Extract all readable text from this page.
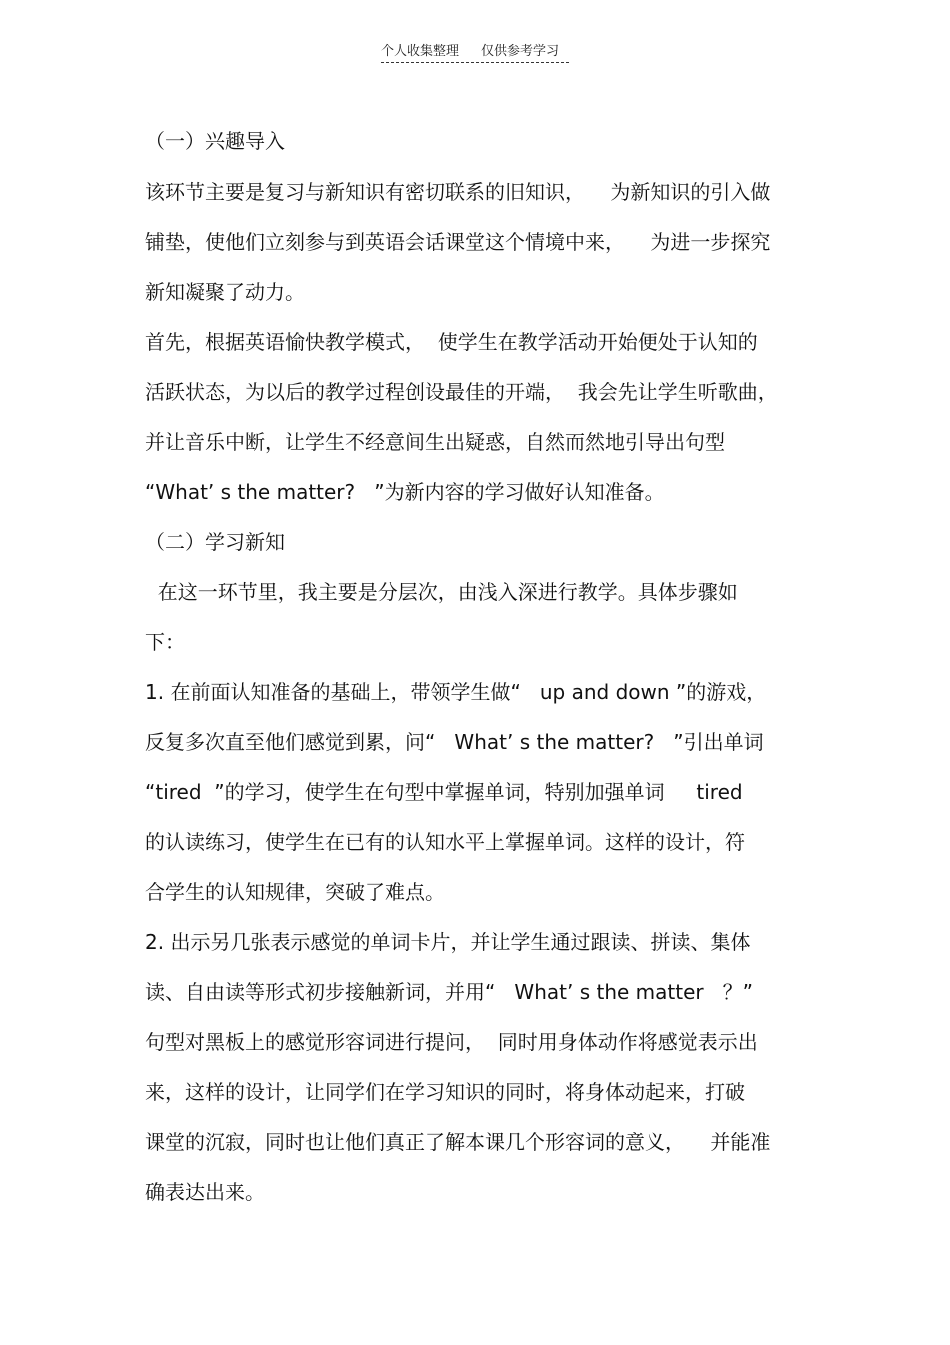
个人收集整理 仅供参考学习
（一）兴趣导入
该环节主要是复习与新知识有密切联系的旧知识，    为新知识的引入做
铺垫，使他们立刻参与到英语会话课堂这个情境中来，    为进一步探究
新知凝聚了动力。
首先，根据英语愉快教学模式，  使学生在教学活动开始便处于认知的
活跃状态，为以后的教学过程创设最佳的开端，  我会先让学生听歌曲，
并让音乐中断，让学生不经意间生出疑惑，自然而然地引导出句型
“What’ s the matter?   ”为新内容的学习做好认知准备。
（二）学习新知
在这一环节里，我主要是分层次，由浅入深进行教学。具体步骤如
下：
1. 在前面认知准备的基础上，带领学生做“   up and down ”的游戏，
反复多次直至他们感觉到累，问“   What’ s the matter?   ”引出单词
“tired  ”的学习，使学生在句型中掌握单词，特别加强单词     tired
的认读练习，使学生在已有的认知水平上掌握单词。这样的设计，符
合学生的认知规律，突破了难点。
2. 出示另几张表示感觉的单词卡片，并让学生通过跟读、拼读、集体
读、自由读等形式初步接触新词，并用“   What’ s the matter   ？”
句型对黑板上的感觉形容词进行提问，  同时用身体动作将感觉表示出
来，这样的设计，让同学们在学习知识的同时，将身体动起来，打破
课堂的沉寂，同时也让他们真正了解本课几个形容词的意义，    并能准
确表达出来。
